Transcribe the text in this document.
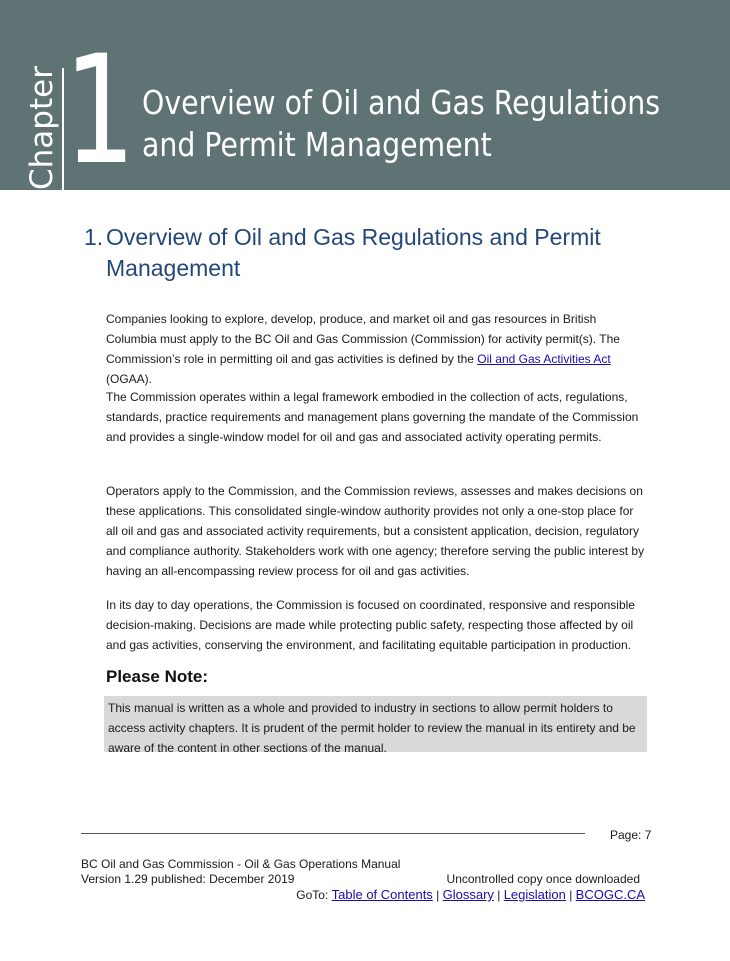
Chapter 1 Overview of Oil and Gas Regulations
and Permit Management
1. Overview of Oil and Gas Regulations and Permit Management

Companies looking to explore, develop, produce, and market oil and gas resources in British Columbia must apply to the BC Oil and Gas Commission (Commission) for activity permit(s). The Commission’s role in permitting oil and gas activities is defined by the Oil and Gas Activities Act (OGAA).

The Commission operates within a legal framework embodied in the collection of acts, regulations, standards, practice requirements and management plans governing the mandate of the Commission and provides a single-window model for oil and gas and associated activity operating permits.

Operators apply to the Commission, and the Commission reviews, assesses and makes decisions on these applications. This consolidated single-window authority provides not only a one-stop place for all oil and gas and associated activity requirements, but a consistent application, decision, regulatory and compliance authority. Stakeholders work with one agency; therefore serving the public interest by having an all-encompassing review process for oil and gas activities.

In its day to day operations, the Commission is focused on coordinated, responsive and responsible decision-making. Decisions are made while protecting public safety, respecting those affected by oil and gas activities, conserving the environment, and facilitating equitable participation in production.

Please Note:
This manual is written as a whole and provided to industry in sections to allow permit holders to access activity chapters. It is prudent of the permit holder to review the manual in its entirety and be aware of the content in other sections of the manual.
Page: 7
BC Oil and Gas Commission - Oil & Gas Operations Manual
Version 1.29 published: December 2019	Uncontrolled copy once downloaded
GoTo: Table of Contents | Glossary | Legislation | BCOGC.CA
